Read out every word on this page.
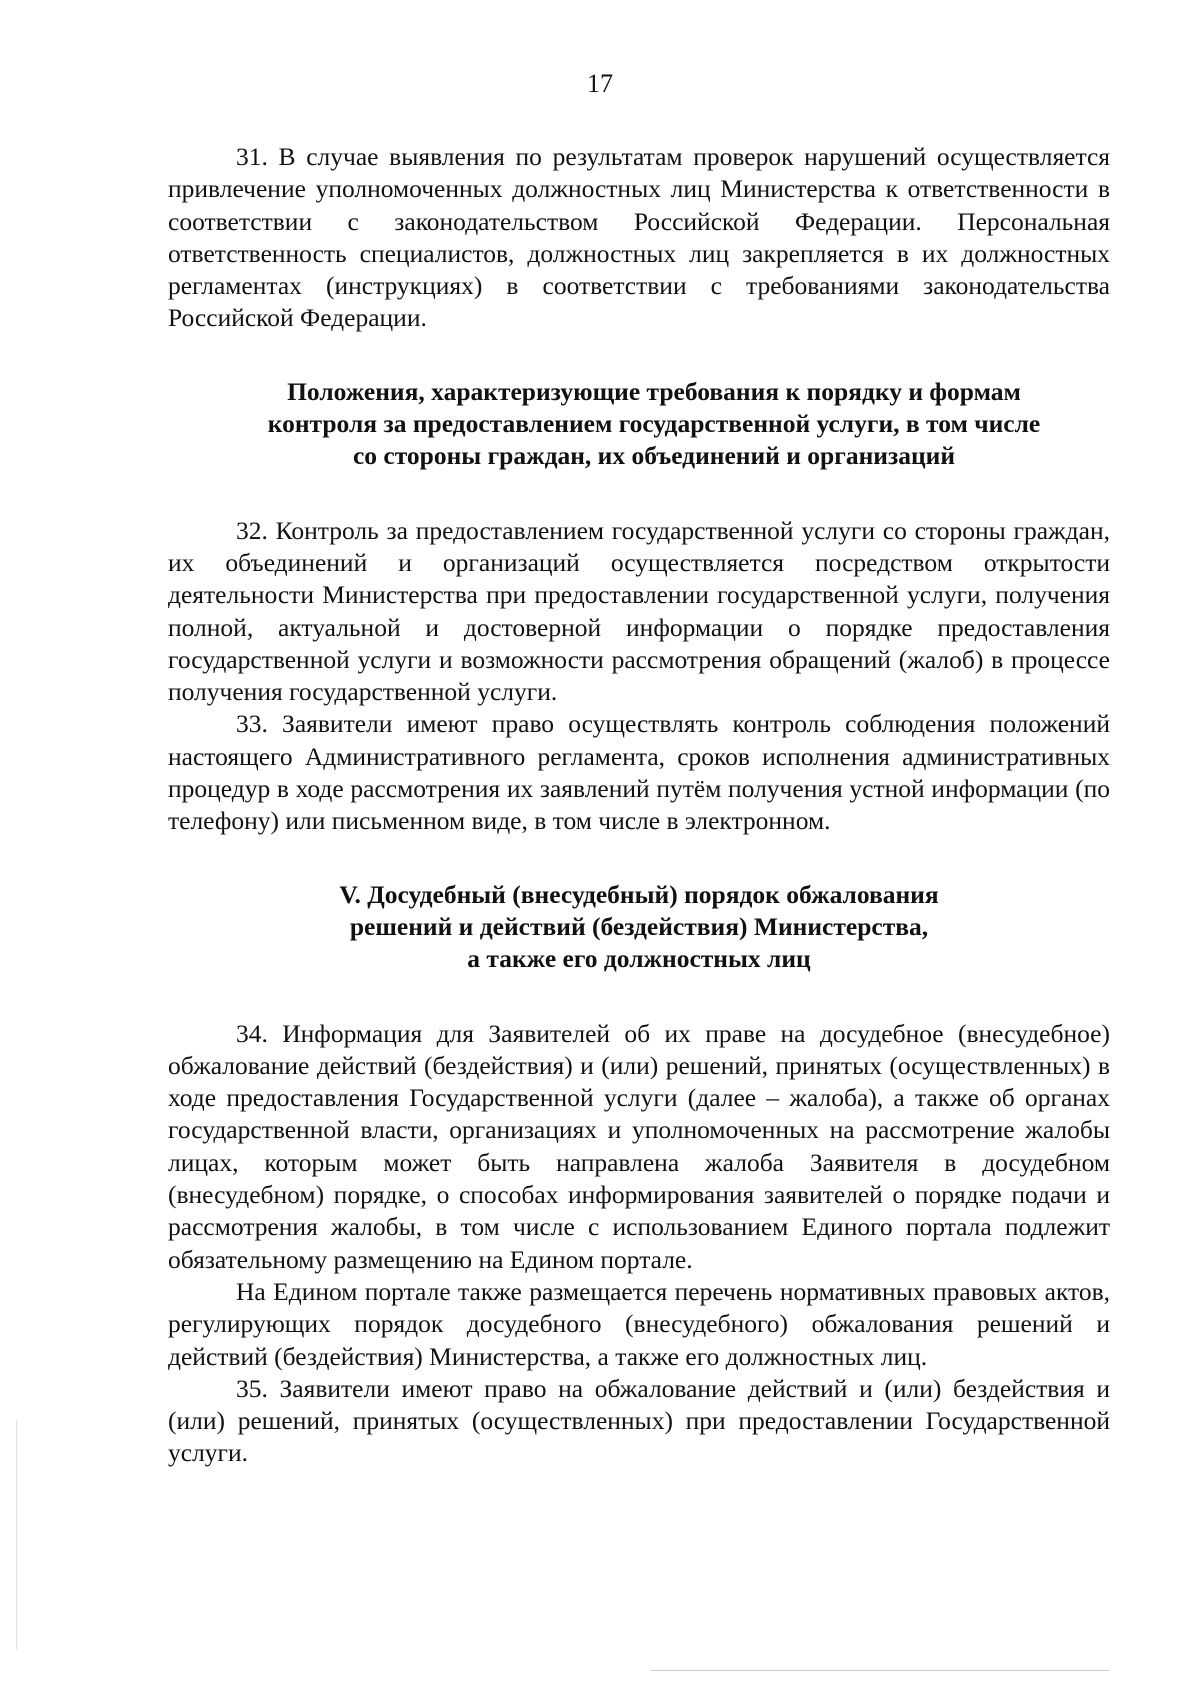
17

31. В случае выявления по результатам проверок нарушений осуществляется привлечение уполномоченных должностных лиц Министерства к ответственности в соответствии с законодательством Российской Федерации. Персональная ответственность специалистов, должностных лиц закрепляется в их должностных регламентах (инструкциях) в соответствии с требованиями законодательства Российской Федерации.

Положения, характеризующие требования к порядку и формам
контроля за предоставлением государственной услуги, в том числе
со стороны граждан, их объединений и организаций

32. Контроль за предоставлением государственной услуги со стороны граждан, их объединений и организаций осуществляется посредством открытости деятельности Министерства при предоставлении государственной услуги, получения полной, актуальной и достоверной информации о порядке предоставления государственной услуги и возможности рассмотрения обращений (жалоб) в процессе получения государственной услуги.

33. Заявители имеют право осуществлять контроль соблюдения положений настоящего Административного регламента, сроков исполнения административных процедур в ходе рассмотрения их заявлений путём получения устной информации (по телефону) или письменном виде, в том числе в электронном.

V. Досудебный (внесудебный) порядок обжалования
решений и действий (бездействия) Министерства,
а также его должностных лиц

34. Информация для Заявителей об их праве на досудебное (внесудебное) обжалование действий (бездействия) и (или) решений, принятых (осуществленных) в ходе предоставления Государственной услуги (далее – жалоба), а также об органах государственной власти, организациях и уполномоченных на рассмотрение жалобы лицах, которым может быть направлена жалоба Заявителя в досудебном (внесудебном) порядке, о способах информирования заявителей о порядке подачи и рассмотрения жалобы, в том числе с использованием Единого портала подлежит обязательному размещению на Едином портале.

На Едином портале также размещается перечень нормативных правовых актов, регулирующих порядок досудебного (внесудебного) обжалования решений и действий (бездействия) Министерства, а также его должностных лиц.

35. Заявители имеют право на обжалование действий и (или) бездействия и (или) решений, принятых (осуществленных) при предоставлении Государственной услуги.
